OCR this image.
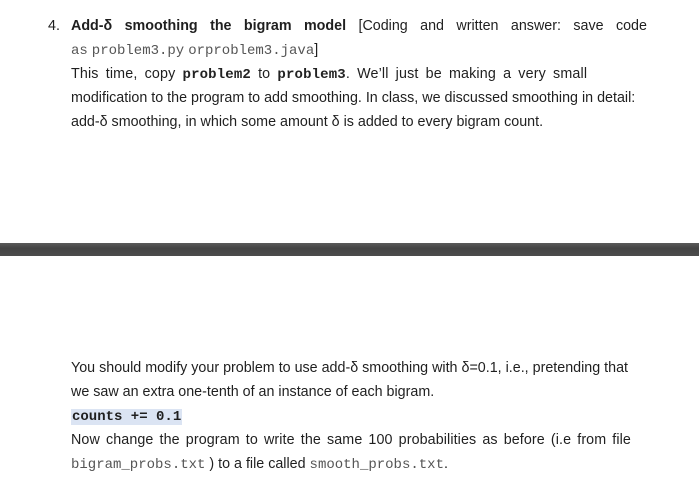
4. Add-δ smoothing the bigram model [Coding and written answer: save code
as problem3.py or problem3.java]
This time, copy problem2 to problem3. We’ll just be making a very small
modification to the program to add smoothing. In class, we discussed smoothing in detail:
add-δ smoothing, in which some amount δ is added to every bigram count.
You should modify your problem to use add-δ smoothing with δ=0.1, i.e., pretending that
we saw an extra one-tenth of an instance of each bigram.
counts += 0.1
Now change the program to write the same 100 probabilities as before (i.e from file
bigram_probs.txt ) to a file called smooth_probs.txt.
